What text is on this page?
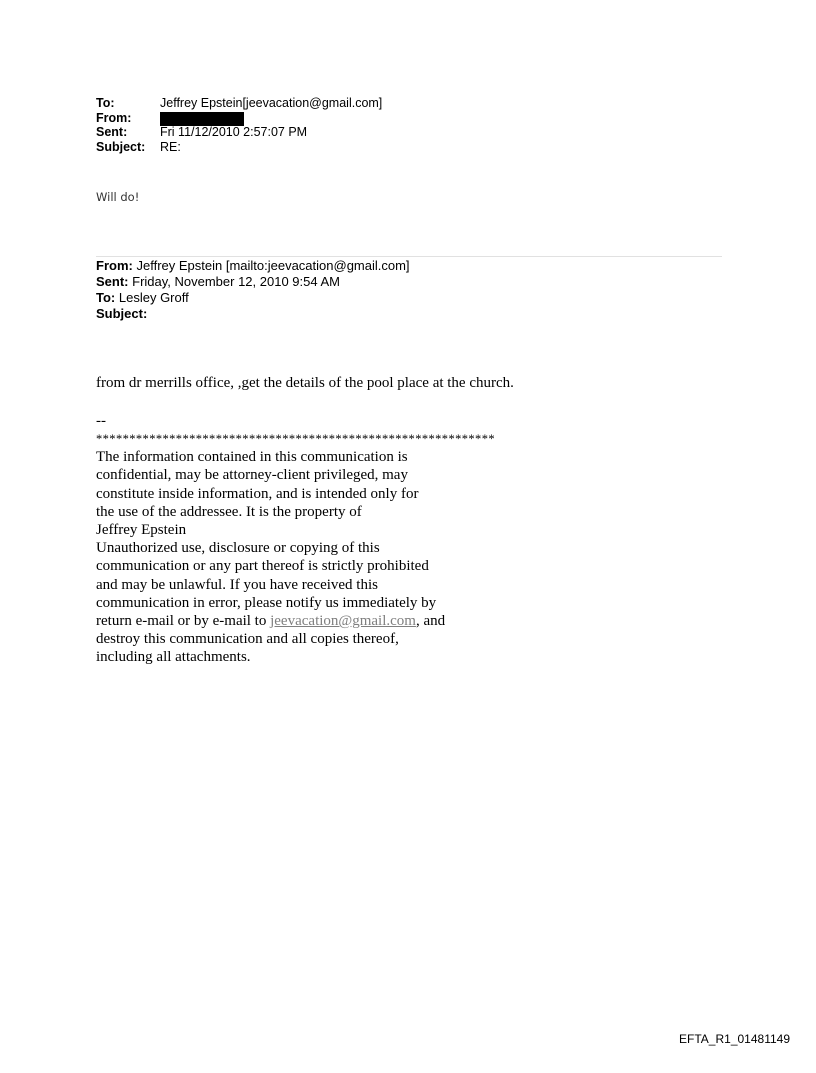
To:	Jeffrey Epstein[jeevacation@gmail.com]
From:
Sent:	Fri 11/12/2010 2:57:07 PM
Subject:	RE:
Will do!
From: Jeffrey Epstein [mailto:jeevacation@gmail.com]
Sent: Friday, November 12, 2010 9:54 AM
To: Lesley Groff
Subject:
from dr merrills office, ,get the details of the pool place at the church.
--
************************************************************
The information contained in this communication is
confidential, may be attorney-client privileged, may
constitute inside information, and is intended only for
the use of the addressee. It is the property of
Jeffrey Epstein
Unauthorized use, disclosure or copying of this
communication or any part thereof is strictly prohibited
and may be unlawful. If you have received this
communication in error, please notify us immediately by
return e-mail or by e-mail to jeevacation@gmail.com, and
destroy this communication and all copies thereof,
including all attachments.
EFTA_R1_01481149
